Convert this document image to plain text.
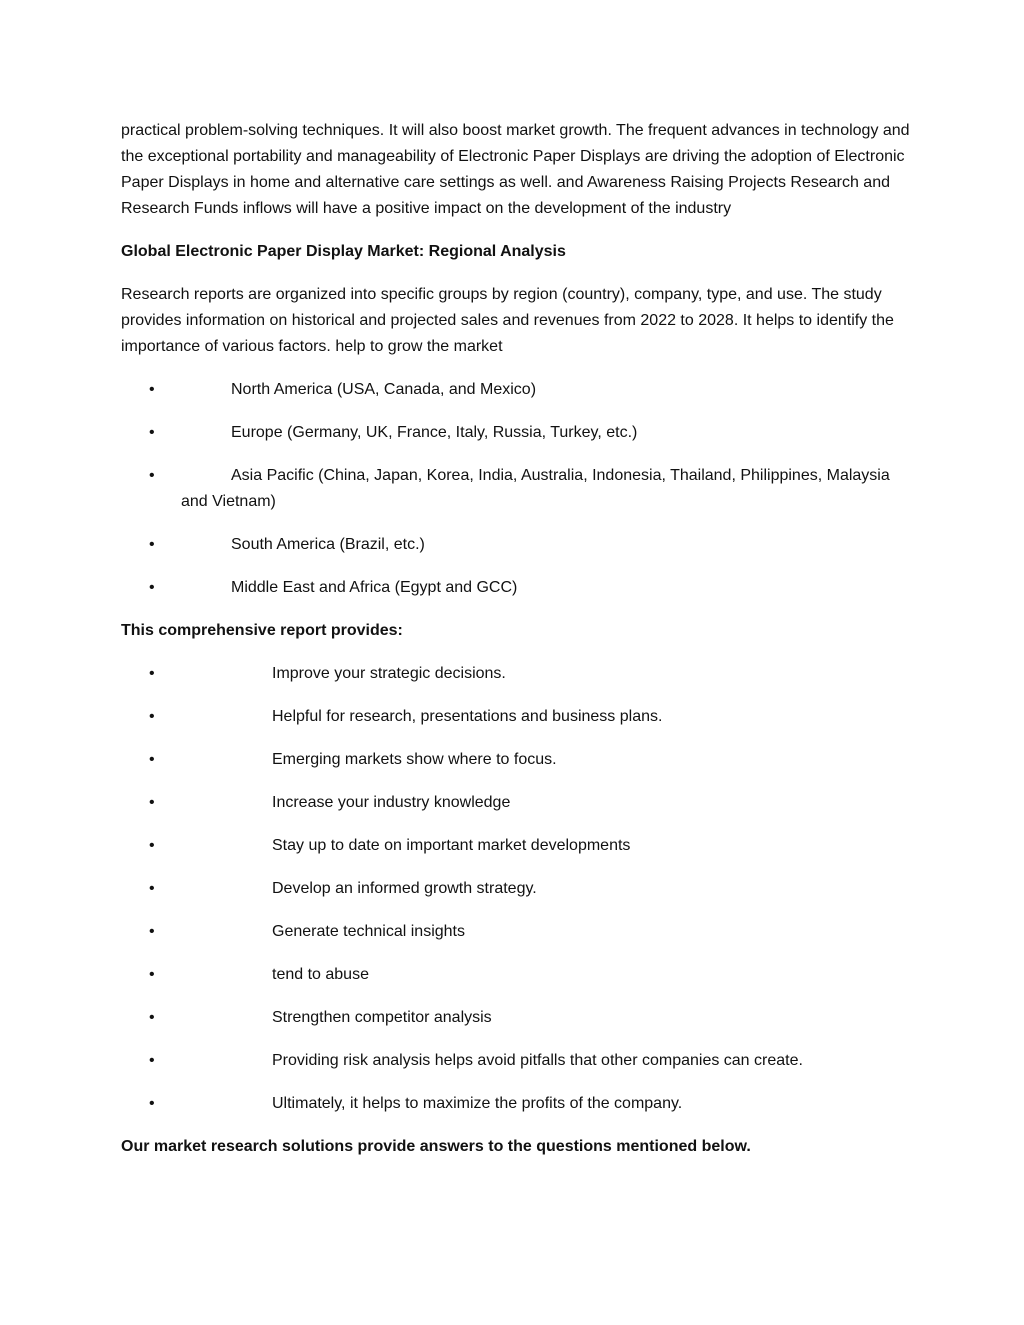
practical problem-solving techniques. It will also boost market growth. The frequent advances in technology and the exceptional portability and manageability of Electronic Paper Displays are driving the adoption of Electronic Paper Displays in home and alternative care settings as well. and Awareness Raising Projects Research and Research Funds inflows will have a positive impact on the development of the industry

Global Electronic Paper Display Market: Regional Analysis

Research reports are organized into specific groups by region (country), company, type, and use. The study provides information on historical and projected sales and revenues from 2022 to 2028. It helps to identify the importance of various factors. help to grow the market

•	North America (USA, Canada, and Mexico)
•	Europe (Germany, UK, France, Italy, Russia, Turkey, etc.)
•	Asia Pacific (China, Japan, Korea, India, Australia, Indonesia, Thailand, Philippines, Malaysia and Vietnam)
•	South America (Brazil, etc.)
•	Middle East and Africa (Egypt and GCC)

This comprehensive report provides:

•	Improve your strategic decisions.
•	Helpful for research, presentations and business plans.
•	Emerging markets show where to focus.
•	Increase your industry knowledge
•	Stay up to date on important market developments
•	Develop an informed growth strategy.
•	Generate technical insights
•	tend to abuse
•	Strengthen competitor analysis
•	Providing risk analysis helps avoid pitfalls that other companies can create.
•	Ultimately, it helps to maximize the profits of the company.

Our market research solutions provide answers to the questions mentioned below.
